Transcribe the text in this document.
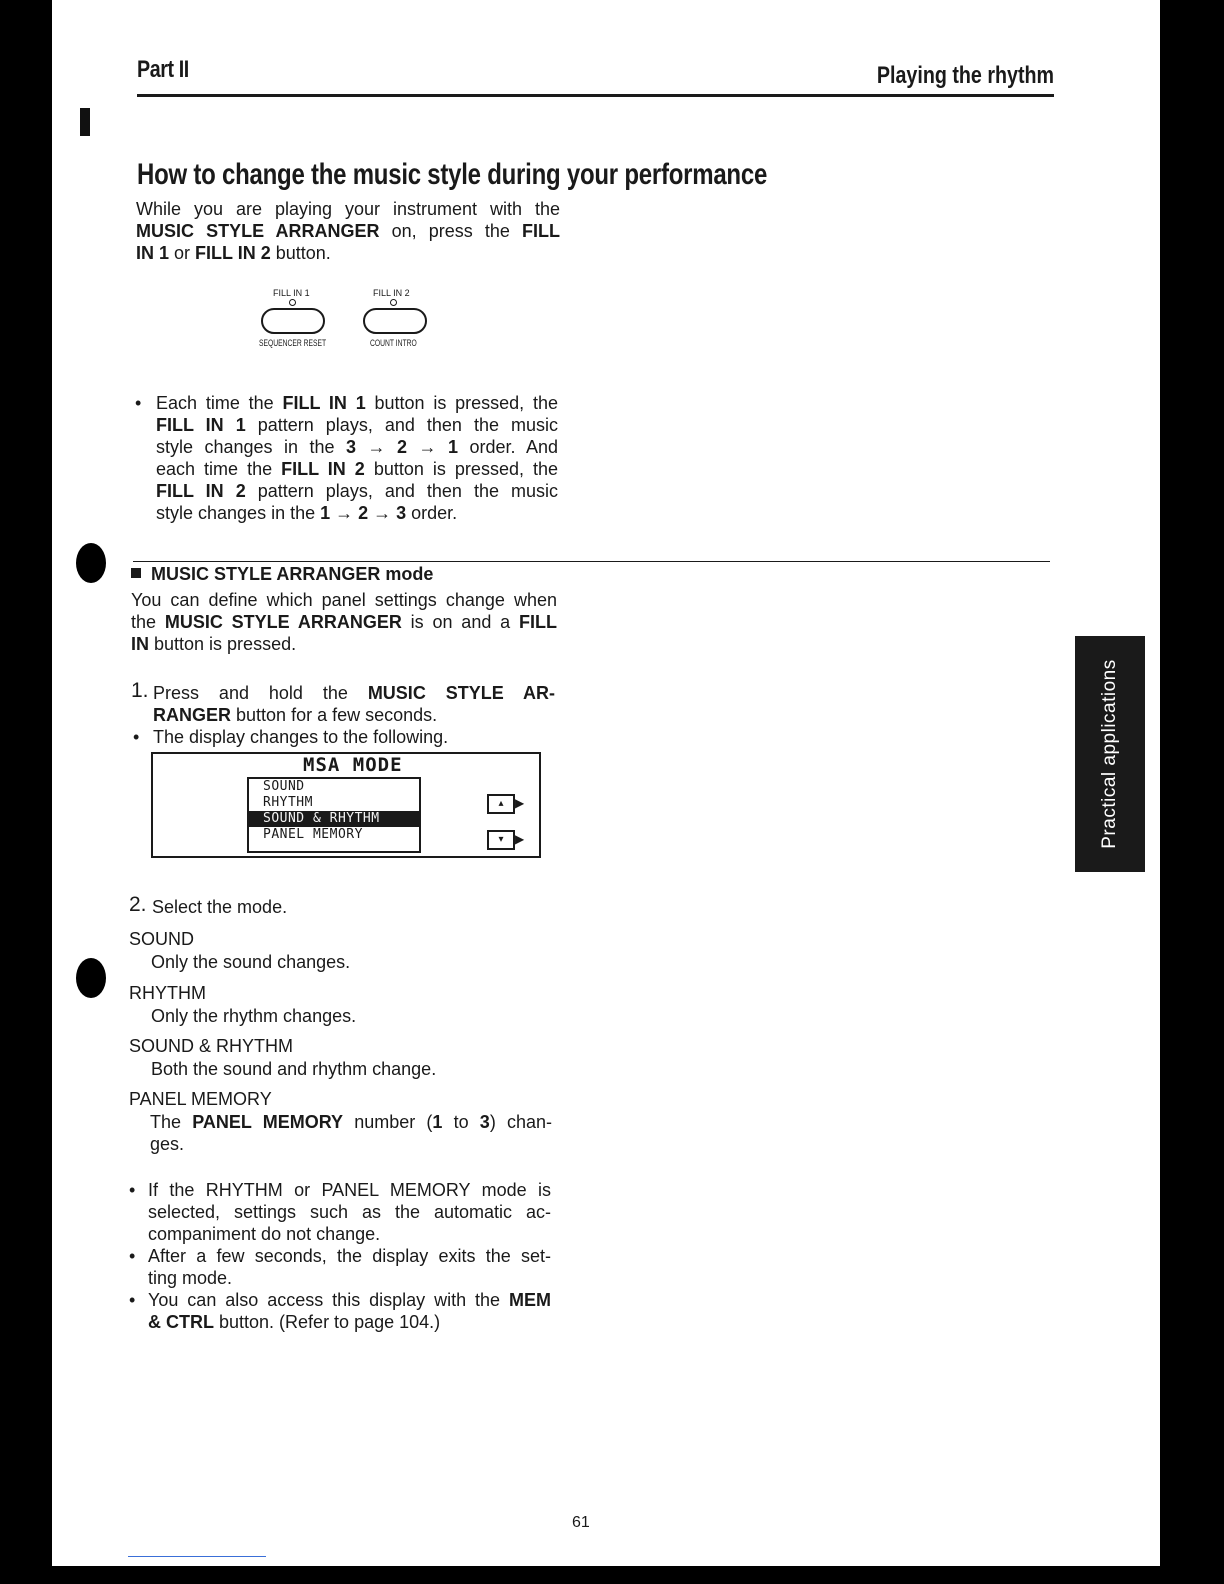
Part II	Playing the rhythm
How to change the music style during your performance

While you are playing your instrument with the

MUSIC STYLE ARRANGER on, press the FILL

IN 1 or FILL IN 2 button.

FILL IN 1
SEQUENCER RESET
FILL IN 2
COUNT INTRO
• Each time the FILL IN 1 button is pressed, the

FILL IN 1 pattern plays, and then the music

style changes in the 3 → 2 → 1 order. And

each time the FILL IN 2 button is pressed, the

FILL IN 2 pattern plays, and then the music

style changes in the 1 → 2 → 3 order.

MUSIC STYLE ARRANGER mode

You can define which panel settings change when

the MUSIC STYLE ARRANGER is on and a FILL

IN button is pressed.

1. Press and hold the MUSIC STYLE AR-

RANGER button for a few seconds.

• The display changes to the following.

MSA MODE
SOUND
RHYTHM
SOUND & RHYTHM
PANEL MEMORY
▴ ▶
▾ ▶
2. Select the mode.

SOUND

Only the sound changes.

RHYTHM

Only the rhythm changes.

SOUND & RHYTHM

Both the sound and rhythm change.

PANEL MEMORY

The PANEL MEMORY number (1 to 3) chan-

ges.

• If the RHYTHM or PANEL MEMORY mode is

selected, settings such as the automatic ac-

companiment do not change.

• After a few seconds, the display exits the set-

ting mode.

• You can also access this display with the MEM

& CTRL button. (Refer to page 104.)

Practical applications
61
